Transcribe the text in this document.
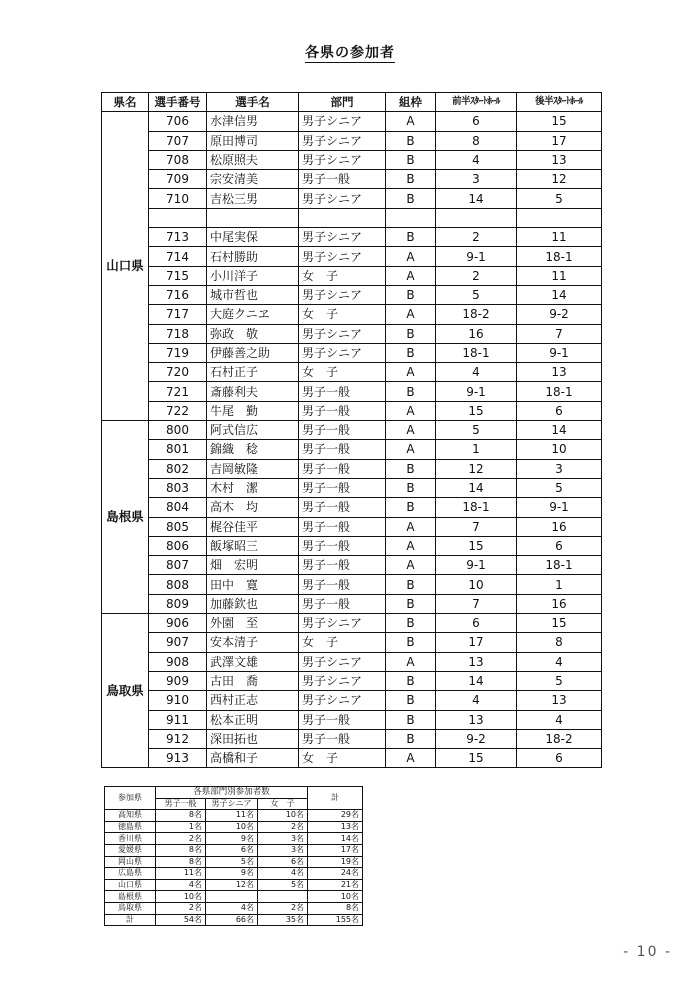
各県の参加者
県名	選手番号	選手名	部門	組枠	前半ｽﾀｰﾄﾎｰﾙ	後半ｽﾀｰﾄﾎｰﾙ
山口県	706	水津信男	男子シニア	A	6	15
	707	原田博司	男子シニア	B	8	17
	708	松原照夫	男子シニア	B	4	13
	709	宗安清美	男子一般	B	3	12
	710	吉松三男	男子シニア	B	14	5

	713	中尾実保	男子シニア	B	2	11
	714	石村勝助	男子シニア	A	9-1	18-1
	715	小川洋子	女　子	A	2	11
	716	城市哲也	男子シニア	B	5	14
	717	大庭クニヱ	女　子	A	18-2	9-2
	718	弥政　敬	男子シニア	B	16	7
	719	伊藤善之助	男子シニア	B	18-1	9-1
	720	石村正子	女　子	A	4	13
	721	斎藤利夫	男子一般	B	9-1	18-1
	722	牛尾　勤	男子一般	A	15	6
島根県	800	阿式信広	男子一般	A	5	14
	801	錦織　稔	男子一般	A	1	10
	802	吉岡敏隆	男子一般	B	12	3
	803	木村　潔	男子一般	B	14	5
	804	高木　均	男子一般	B	18-1	9-1
	805	梶谷佳平	男子一般	A	7	16
	806	飯塚昭三	男子一般	A	15	6
	807	畑　宏明	男子一般	A	9-1	18-1
	808	田中　寛	男子一般	B	10	1
	809	加藤欽也	男子一般	B	7	16
鳥取県	906	外園　至	男子シニア	B	6	15
	907	安本清子	女　子	B	17	8
	908	武澤文雄	男子シニア	A	13	4
	909	古田　喬	男子シニア	B	14	5
	910	西村正志	男子シニア	B	4	13
	911	松本正明	男子一般	B	13	4
	912	深田拓也	男子一般	B	9-2	18-2
	913	高橋和子	女　子	A	15	6
参加県	各県部門別参加者数			計
	男子一般	男子シニア	女　子	
高知県	8名	11名	10名	29名
徳島県	1名	10名	2名	13名
香川県	2名	9名	3名	14名
愛媛県	8名	6名	3名	17名
岡山県	8名	5名	6名	19名
広島県	11名	9名	4名	24名
山口県	4名	12名	5名	21名
島根県	10名			10名
鳥取県	2名	4名	2名	8名
計	54名	66名	35名	155名
- 10 -
